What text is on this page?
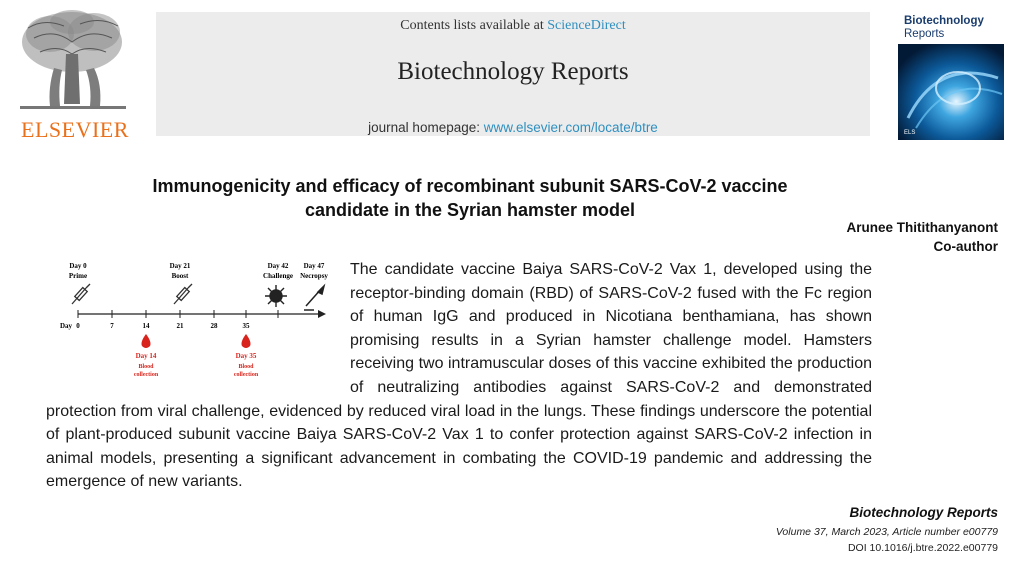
ELSEVIER
Contents lists available at ScienceDirect
Biotechnology Reports
journal homepage: www.elsevier.com/locate/btre
Biotechnology
Reports
ELS
Immunogenicity and efficacy of recombinant subunit SARS-CoV-2 vaccine candidate in the Syrian hamster model
Arunee Thitithanyanont
Co-author
Day 0
Prime
Day 21
Boost
Day 42
Challenge
Day 47
Necropsy
Day 0	7	14	21	28	35
Day 14
Blood
collection
Day 35
Blood
collection
The candidate vaccine Baiya SARS-CoV-2 Vax 1, developed using the receptor-binding domain (RBD) of SARS-CoV-2 fused with the Fc region of human IgG and produced in Nicotiana benthamiana, has shown promising results in a Syrian hamster challenge model. Hamsters receiving two intramuscular doses of this vaccine exhibited the production of neutralizing antibodies against SARS-CoV-2 and demonstrated protection from viral challenge, evidenced by reduced viral load in the lungs. These findings underscore the potential of plant-produced subunit vaccine Baiya SARS-CoV-2 Vax 1 to confer protection against SARS-CoV-2 infection in animal models, presenting a significant advancement in combating the COVID-19 pandemic and addressing the emergence of new variants.
Biotechnology Reports
Volume 37, March 2023, Article number e00779
DOI 10.1016/j.btre.2022.e00779
